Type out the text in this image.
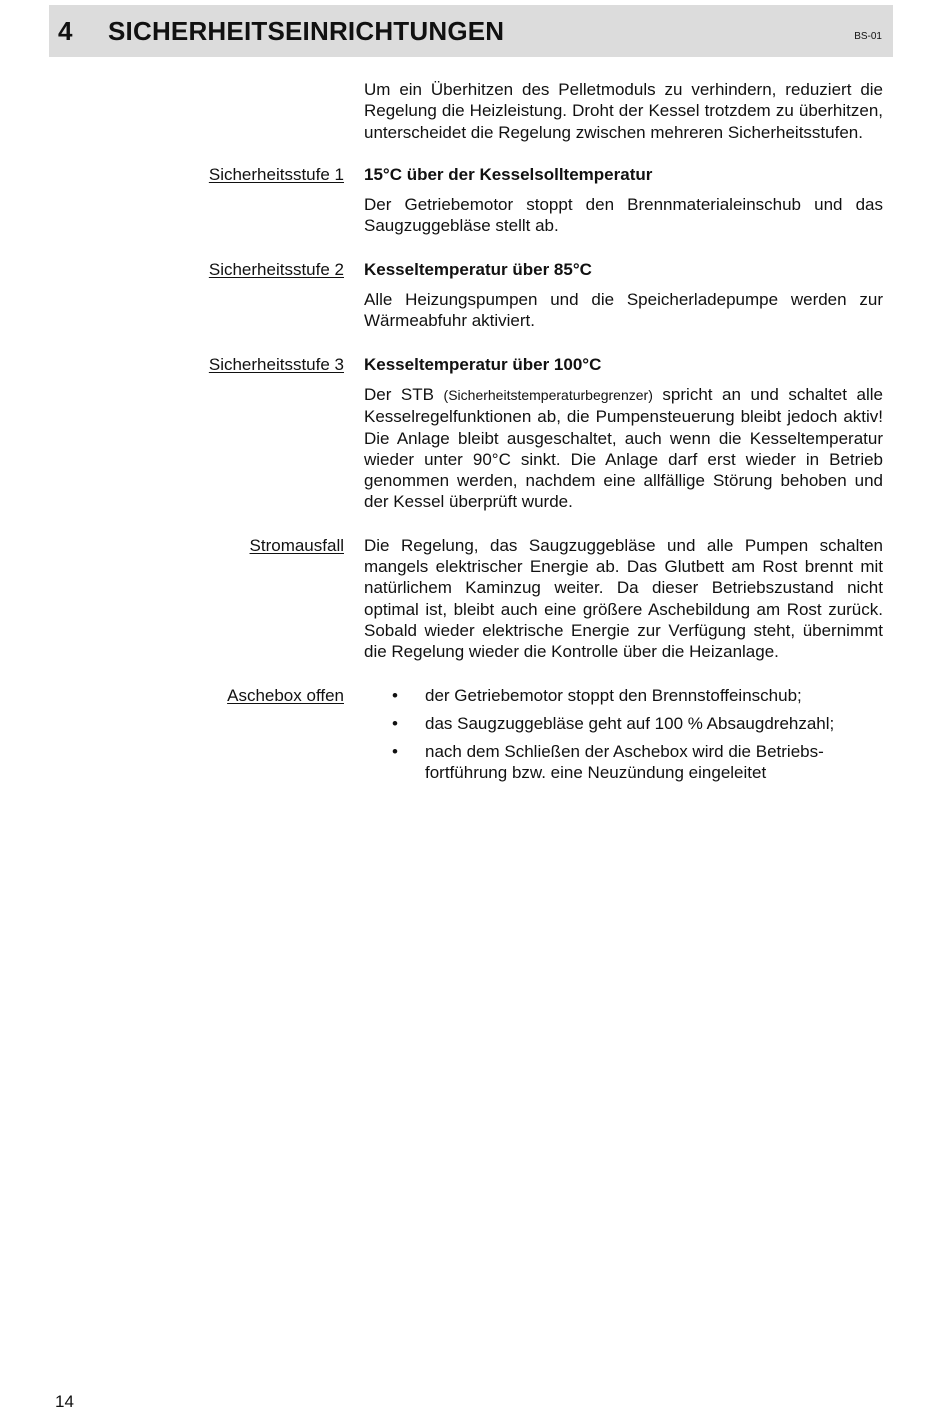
4 SICHERHEITSEINRICHTUNGEN	BS-01

Um ein Überhitzen des Pelletmoduls zu verhindern, reduziert die Regelung die Heizleistung. Droht der Kessel trotzdem zu überhitzen, unterscheidet die Regelung zwischen mehreren Sicherheitsstufen.

Sicherheitsstufe 1 15°C über der Kesselsolltemperatur

Der Getriebemotor stoppt den Brennmaterialeinschub und das Saugzuggebläse stellt ab.

Sicherheitsstufe 2 Kesseltemperatur über 85°C

Alle Heizungspumpen und die Speicherladepumpe werden zur Wärmeabfuhr aktiviert.

Sicherheitsstufe 3 Kesseltemperatur über 100°C

Der STB (Sicherheitstemperaturbegrenzer) spricht an und schaltet alle Kesselregelfunktionen ab, die Pumpensteuerung bleibt jedoch aktiv! Die Anlage bleibt ausgeschaltet, auch wenn die Kesseltemperatur wieder unter 90°C sinkt. Die Anlage darf erst wieder in Betrieb genommen werden, nachdem eine allfällige Störung behoben und der Kessel überprüft wurde.

Stromausfall Die Regelung, das Saugzuggebläse und alle Pumpen schalten mangels elektrischer Energie ab. Das Glutbett am Rost brennt mit natürlichem Kaminzug weiter. Da dieser Betriebszustand nicht optimal ist, bleibt auch eine größere Aschebildung am Rost zurück. Sobald wieder elektrische Energie zur Verfügung steht, übernimmt die Regelung wieder die Kontrolle über die Heizanlage.

Aschebox offen	• der Getriebemotor stoppt den Brennstoffeinschub;
• das Saugzuggebläse geht auf 100 % Absaugdrehzahl;
• nach dem Schließen der Aschebox wird die Betriebs-fortführung bzw. eine Neuzündung eingeleitet
14
